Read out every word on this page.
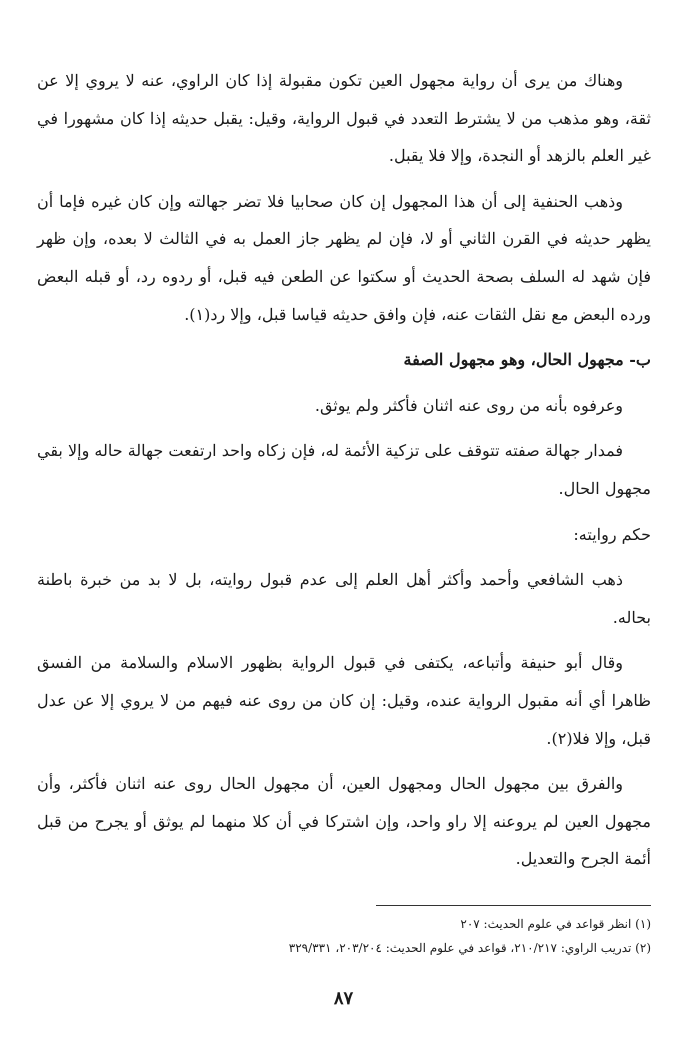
وهناك من يرى أن رواية مجهول العين تكون مقبولة إذا كان الراوي، عنه لا يروي إلا عن ثقة، وهو مذهب من لا يشترط التعدد في قبول الرواية، وقيل: يقبل حديثه إذا كان مشهورا في غير العلم بالزهد أو النجدة، وإلا فلا يقبل.

وذهب الحنفية إلى أن هذا المجهول إن كان صحابيا فلا تضر جهالته وإن كان غيره فإما أن يظهر حديثه في القرن الثاني أو لا، فإن لم يظهر جاز العمل به في الثالث لا بعده، وإن ظهر فإن شهد له السلف بصحة الحديث أو سكتوا عن الطعن فيه قبل، أو ردوه رد، أو قبله البعض ورده البعض مع نقل الثقات عنه، فإن وافق حديثه قياسا قبل، وإلا رد(١).

ب- مجهول الحال، وهو مجهول الصفة

وعرفوه بأنه من روى عنه اثنان فأكثر ولم يوثق.

فمدار جهالة صفته تتوقف على تزكية الأئمة له، فإن زكاه واحد ارتفعت جهالة حاله وإلا بقي مجهول الحال.

حكم روايته:

ذهب الشافعي وأحمد وأكثر أهل العلم إلى عدم قبول روايته، بل لا بد من خبرة باطنة بحاله.

وقال أبو حنيفة وأتباعه، يكتفى في قبول الرواية بظهور الاسلام والسلامة من الفسق ظاهرا أي أنه مقبول الرواية عنده، وقيل: إن كان من روى عنه فيهم من لا يروي إلا عن عدل قبل، وإلا فلا(٢).

والفرق بين مجهول الحال ومجهول العين، أن مجهول الحال روى عنه اثنان فأكثر، وأن مجهول العين لم يروعنه إلا راو واحد، وإن اشتركا في أن كلا منهما لم يوثق أو يجرح من قبل أئمة الجرح والتعديل.

(١) انظر قواعد في علوم الحديث: ٢٠٧

(٢) تدريب الراوي: ٢١٠/٢١٧، قواعد في علوم الحديث: ٢٠٣/٢٠٤، ٣٢٩/٣٣١

٨٧
